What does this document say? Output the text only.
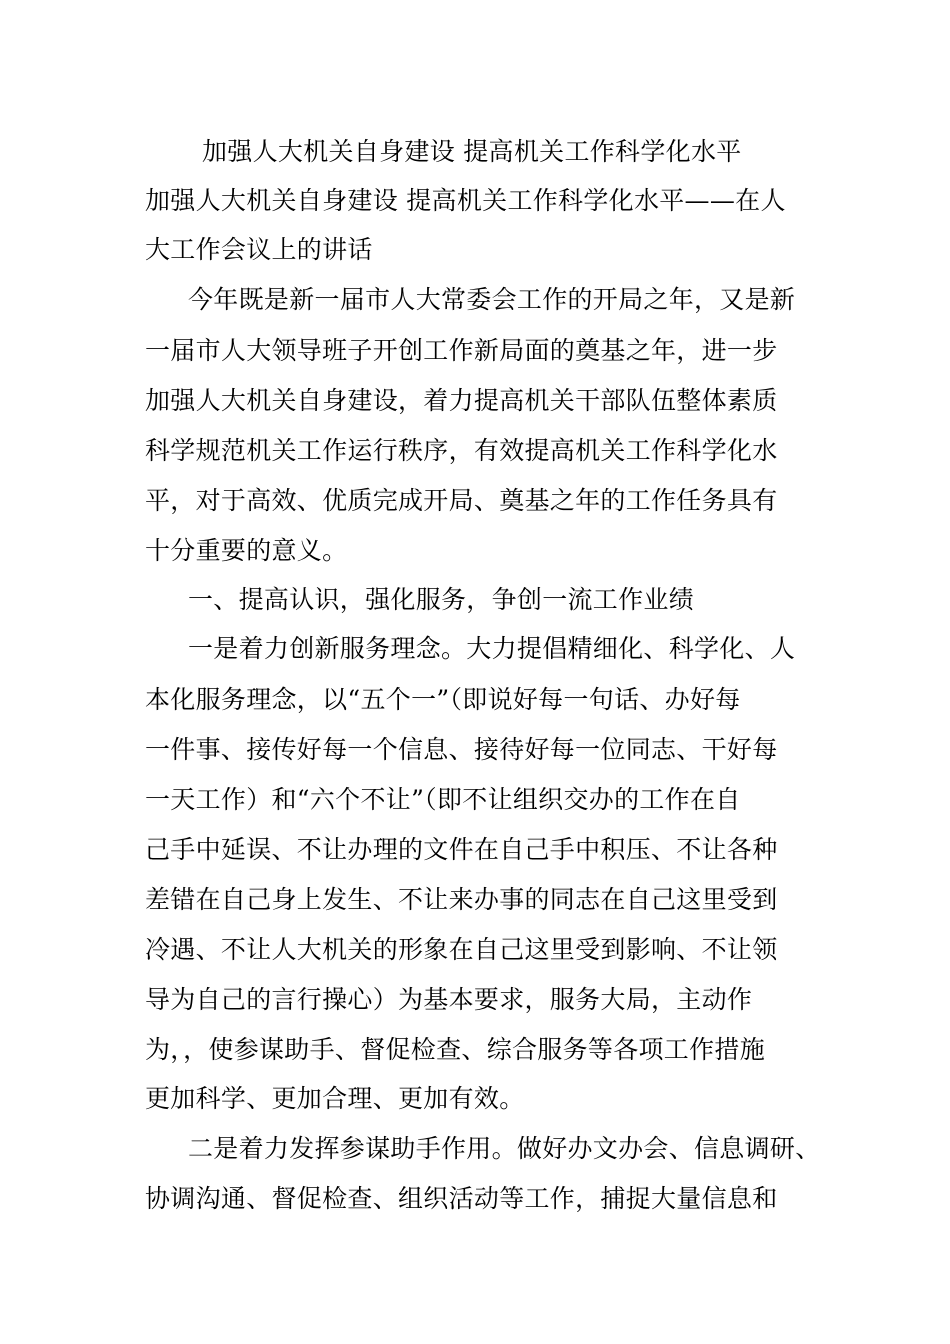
加强人大机关自身建设 提高机关工作科学化水平
加强人大机关自身建设 提高机关工作科学化水平——在人
大工作会议上的讲话
今年既是新一届市人大常委会工作的开局之年，又是新
一届市人大领导班子开创工作新局面的奠基之年，进一步
加强人大机关自身建设，着力提高机关干部队伍整体素质
科学规范机关工作运行秩序，有效提高机关工作科学化水
平，对于高效、优质完成开局、奠基之年的工作任务具有
十分重要的意义。
一、提高认识，强化服务，争创一流工作业绩
一是着力创新服务理念。大力提倡精细化、科学化、人
本化服务理念，以“五个一”（即说好每一句话、办好每
一件事、接传好每一个信息、接待好每一位同志、干好每
一天工作）和“六个不让”（即不让组织交办的工作在自
己手中延误、不让办理的文件在自己手中积压、不让各种
差错在自己身上发生、不让来办事的同志在自己这里受到
冷遇、不让人大机关的形象在自己这里受到影响、不让领
导为自己的言行操心）为基本要求，服务大局，主动作
为，，使参谋助手、督促检查、综合服务等各项工作措施
更加科学、更加合理、更加有效。
二是着力发挥参谋助手作用。做好办文办会、信息调研、
协调沟通、督促检查、组织活动等工作，捕捉大量信息和
